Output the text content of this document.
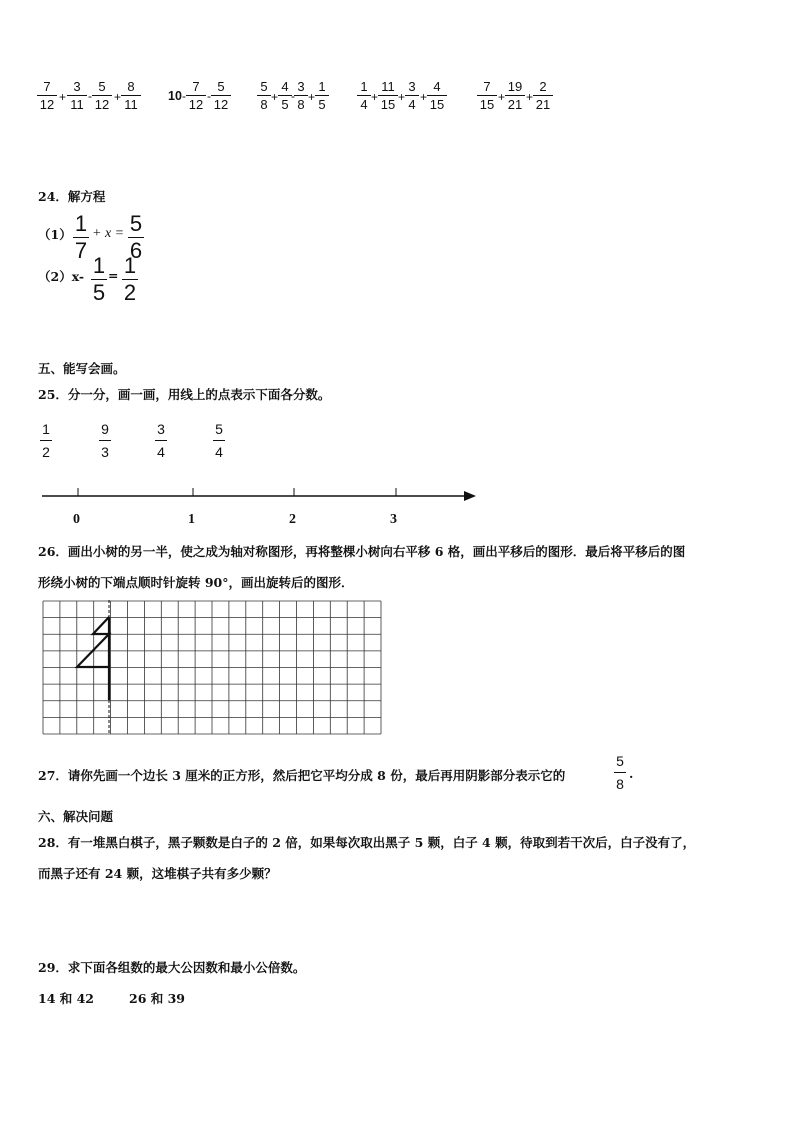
7
12 +
3
11
-
5
12 +
8
11
10 -
7
12
-
5
12
5
8 +
4
5
-
3
8 +
1
5
1
4 +
11
15 +
3
4 +
4
15
7
15 +
19
21 +
2
21
24．解方程
（1） 1
7
+ x = 5
6
（2）x- 1
5
= 1
2
五、能写会画。
25．分一分，画一画，用线上的点表示下面各分数。
1
2
9
3
3
4
5
4
0	1	2	3
26．画出小树的另一半，使之成为轴对称图形，再将整棵小树向右平移 6 格，画出平移后的图形．最后将平移后的图
形绕小树的下端点顺时针旋转 90°，画出旋转后的图形．
27．请你先画一个边长 3 厘米的正方形，然后把它平均分成 8 份，最后再用阴影部分表示它的
5
8
.
六、解决问题
28．有一堆黑白棋子，黑子颗数是白子的 2 倍，如果每次取出黑子 5 颗，白子 4 颗，待取到若干次后，白子没有了，
而黑子还有 24 颗，这堆棋子共有多少颗？
29．求下面各组数的最大公因数和最小公倍数。
14 和 42	26 和 39
